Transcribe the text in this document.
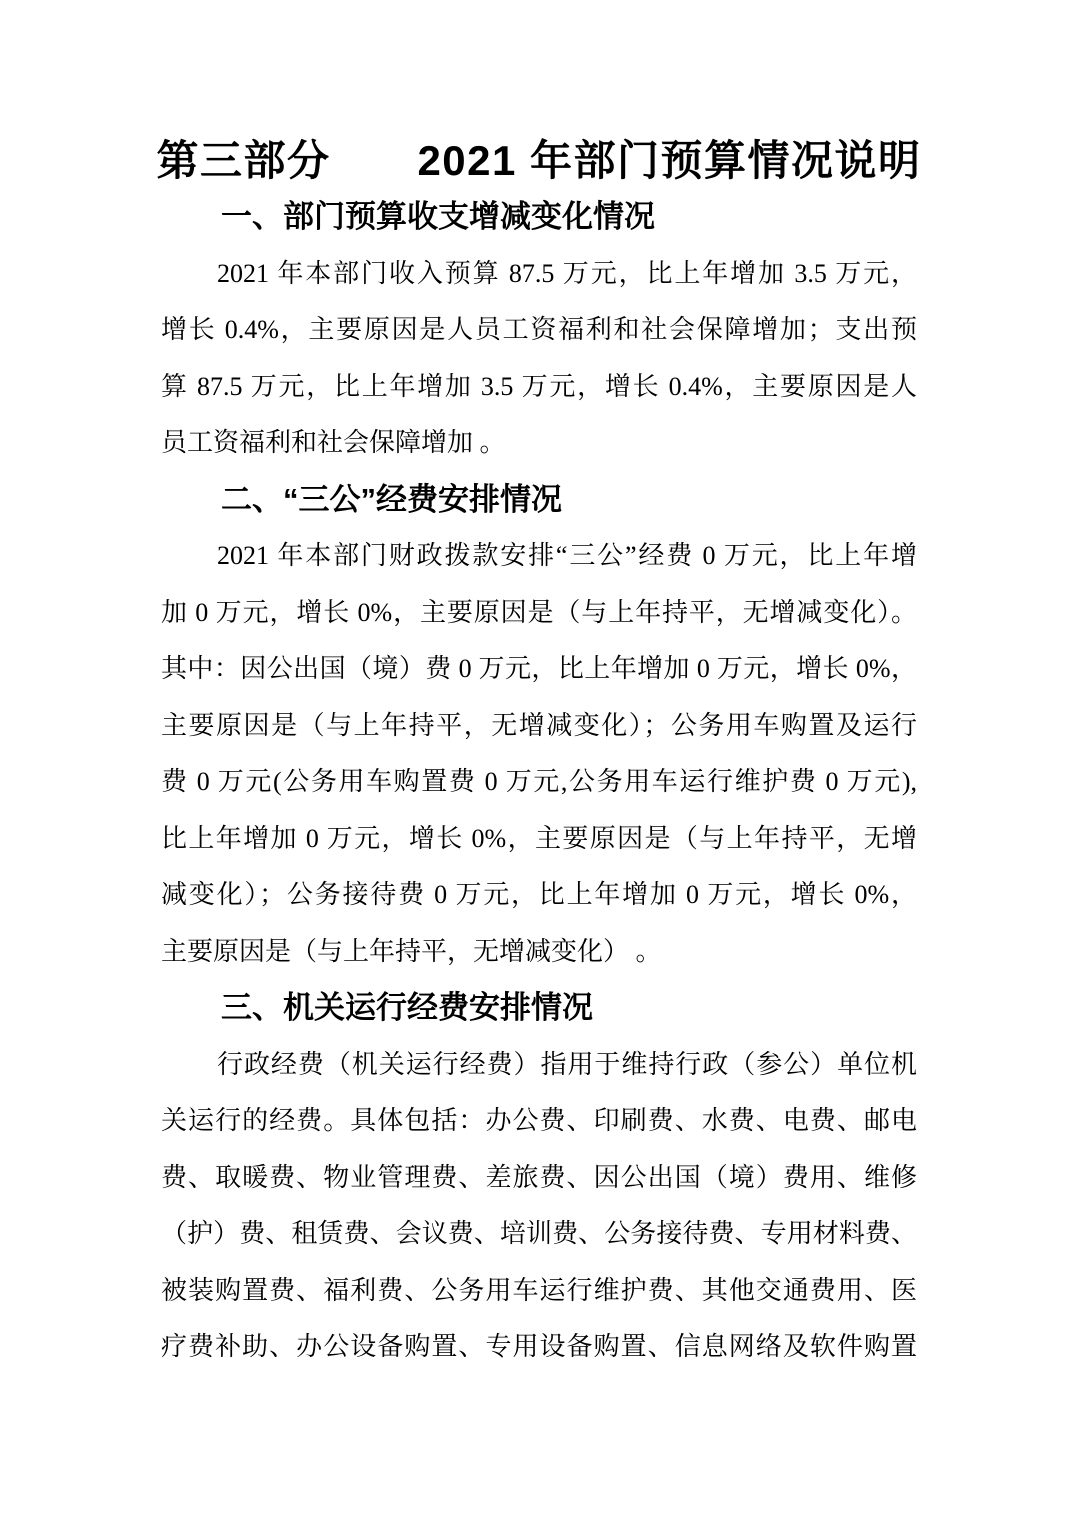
第三部分　　2021 年部门预算情况说明
一、部门预算收支增减变化情况
2021 年本部门收入预算 87.5 万元，比上年增加 3.5 万元，
增长 0.4%，主要原因是人员工资福利和社会保障增加；支出预
算 87.5 万元，比上年增加 3.5 万元，增长 0.4%，主要原因是人
员工资福利和社会保障增加 。
二、“三公”经费安排情况
2021 年本部门财政拨款安排“三公”经费 0 万元，比上年增
加 0 万元，增长 0%，主要原因是（与上年持平，无增减变化）。
其中：因公出国（境）费 0 万元，比上年增加 0 万元，增长 0%，
主要原因是（与上年持平，无增减变化）；公务用车购置及运行
费 0 万元(公务用车购置费 0 万元,公务用车运行维护费 0 万元),
比上年增加 0 万元，增长 0%，主要原因是（与上年持平，无增
减变化）；公务接待费 0 万元，比上年增加 0 万元，增长 0%，
主要原因是（与上年持平，无增减变化） 。
三、机关运行经费安排情况
行政经费（机关运行经费）指用于维持行政（参公）单位机
关运行的经费。具体包括：办公费、印刷费、水费、电费、邮电
费、取暖费、物业管理费、差旅费、因公出国（境）费用、维修
（护）费、租赁费、会议费、培训费、公务接待费、专用材料费、
被装购置费、福利费、公务用车运行维护费、其他交通费用、医
疗费补助、办公设备购置、专用设备购置、信息网络及软件购置
